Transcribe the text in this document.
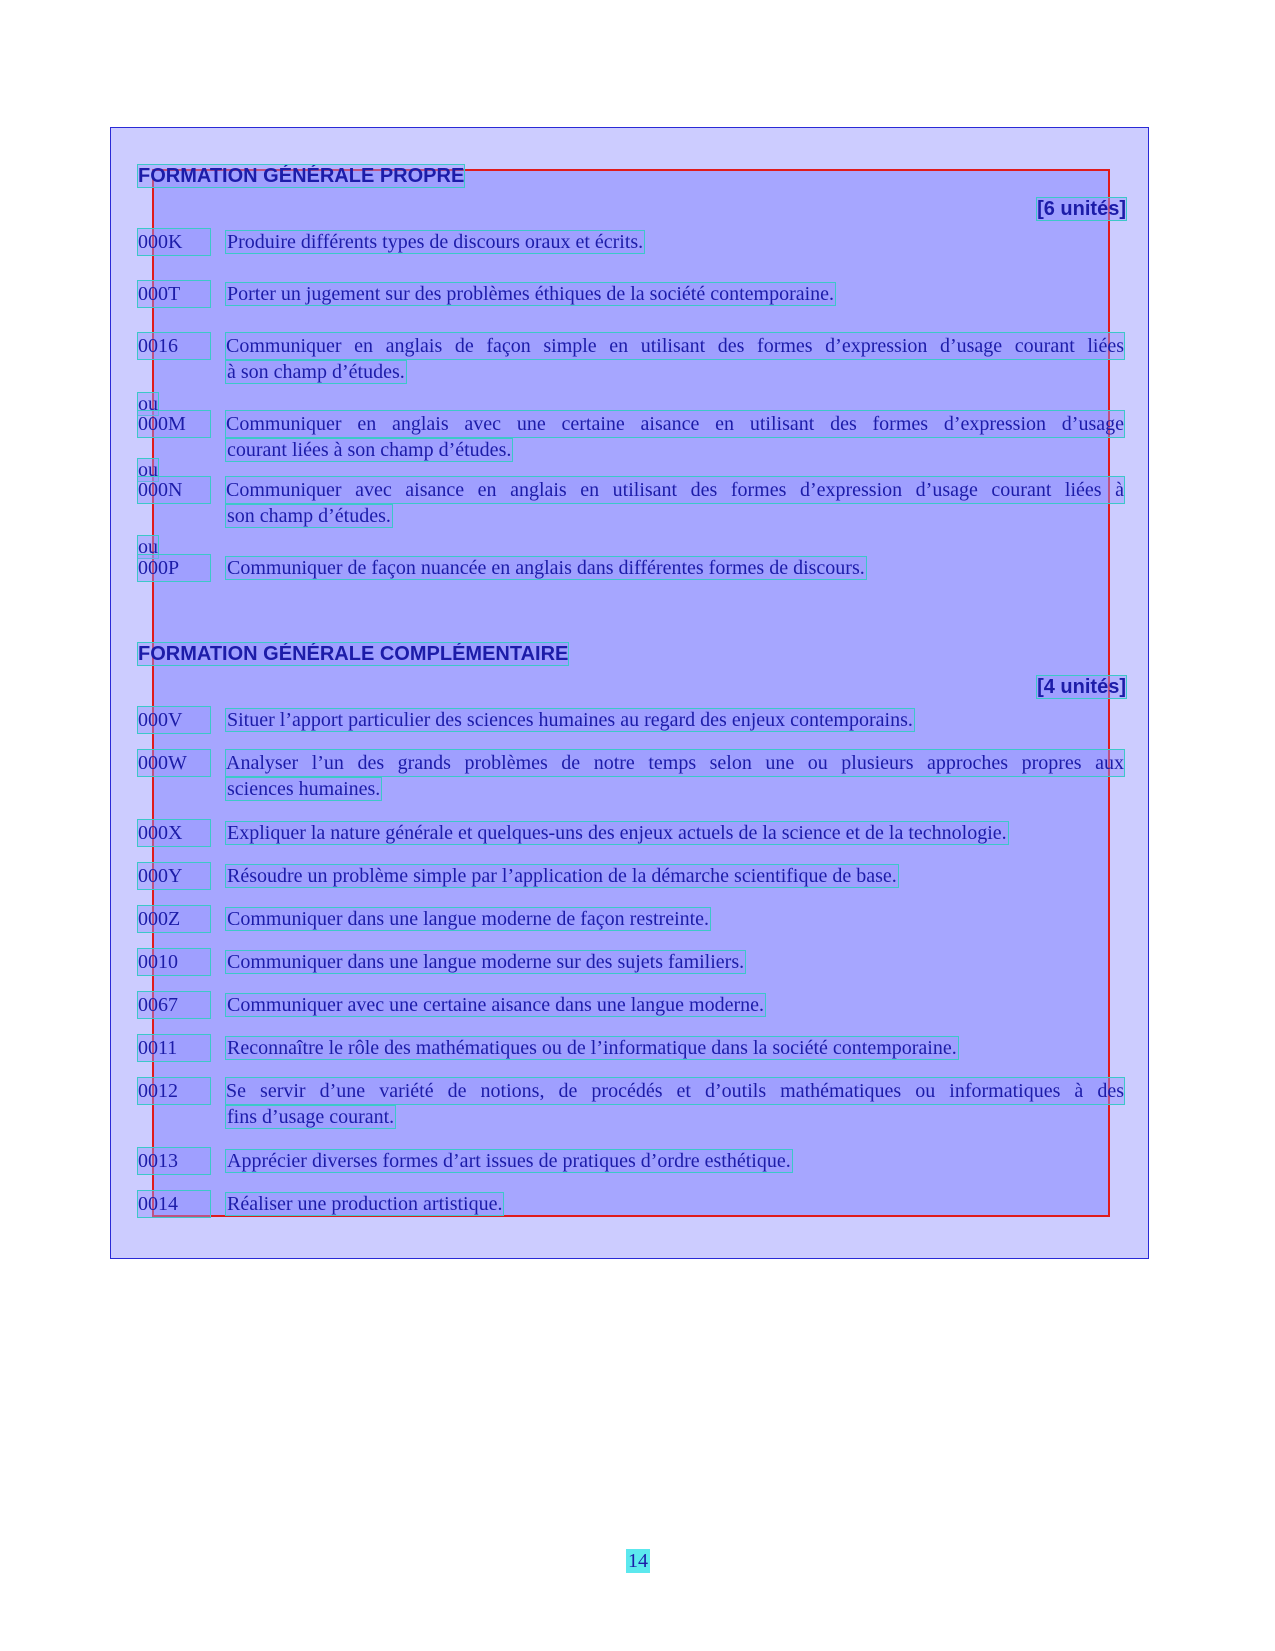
FORMATION GÉNÉRALE PROPRE
[6 unités]
000K	Produire différents types de discours oraux et écrits.
000T	Porter un jugement sur des problèmes éthiques de la société contemporaine.
0016	Communiquer en anglais de façon simple en utilisant des formes d’expression d’usage courant liées
à son champ d’études.
ou
000M	Communiquer en anglais avec une certaine aisance en utilisant des formes d’expression d’usage
courant liées à son champ d’études.
ou
000N	Communiquer avec aisance en anglais en utilisant des formes d’expression d’usage courant liées à
son champ d’études.
ou
000P	Communiquer de façon nuancée en anglais dans différentes formes de discours.
FORMATION GÉNÉRALE COMPLÉMENTAIRE
[4 unités]
000V	Situer l’apport particulier des sciences humaines au regard des enjeux contemporains.
000W	Analyser l’un des grands problèmes de notre temps selon une ou plusieurs approches propres aux
sciences humaines.
000X	Expliquer la nature générale et quelques-uns des enjeux actuels de la science et de la technologie.
000Y	Résoudre un problème simple par l’application de la démarche scientifique de base.
000Z	Communiquer dans une langue moderne de façon restreinte.
0010	Communiquer dans une langue moderne sur des sujets familiers.
0067	Communiquer avec une certaine aisance dans une langue moderne.
0011	Reconnaître le rôle des mathématiques ou de l’informatique dans la société contemporaine.
0012	Se servir d’une variété de notions, de procédés et d’outils mathématiques ou informatiques à des
fins d’usage courant.
0013	Apprécier diverses formes d’art issues de pratiques d’ordre esthétique.
0014	Réaliser une production artistique.
14
